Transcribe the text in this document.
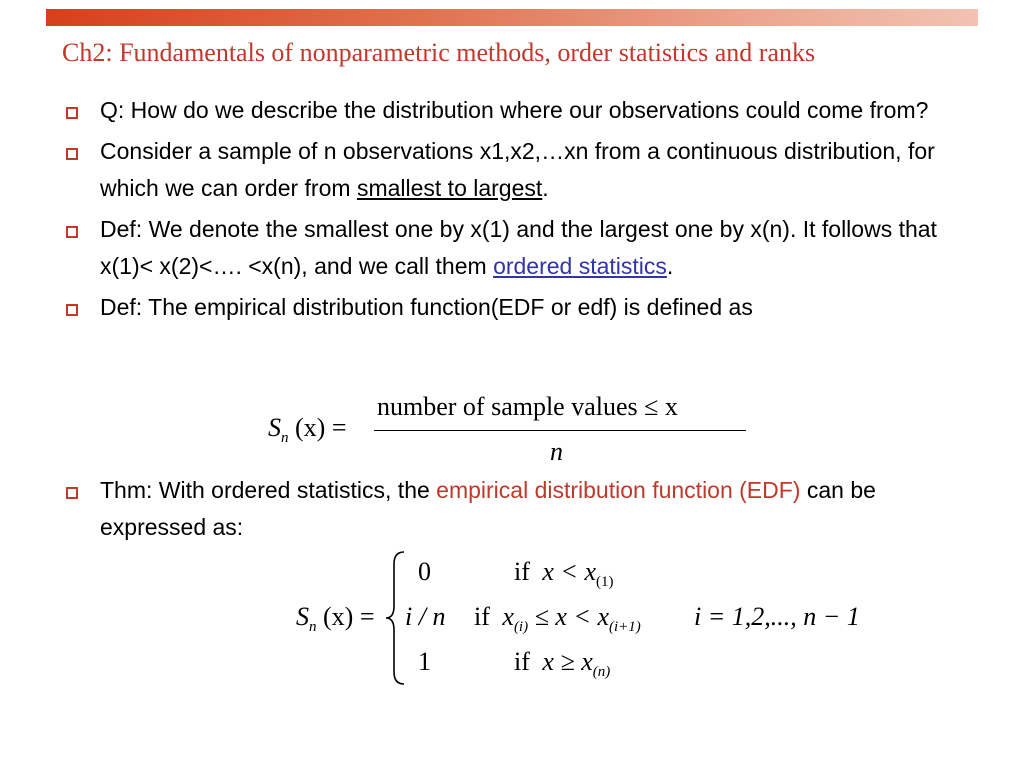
Ch2: Fundamentals of nonparametric methods, order statistics and ranks
Q: How do we describe the distribution where our observations could come from?
Consider a sample of n observations x1,x2,…xn from a continuous distribution, for which we can order from smallest to largest.
Def: We denote the smallest one by x(1) and the largest one by x(n). It follows that x(1)< x(2)<…. <x(n), and we call them ordered statistics.
Def: The empirical distribution function(EDF or edf) is defined as
$S_n$ (x) =
number of sample values ≤ x
n
Thm: With ordered statistics, the empirical distribution function (EDF) can be expressed as:
$S_n$ (x) =
0	if $x < x_{(1)}$
i / n if $x_{(i)} \le x < x_{(i+1)}$ i = 1,2,..., n − 1
1	if $x \ge x_{(n)}$
